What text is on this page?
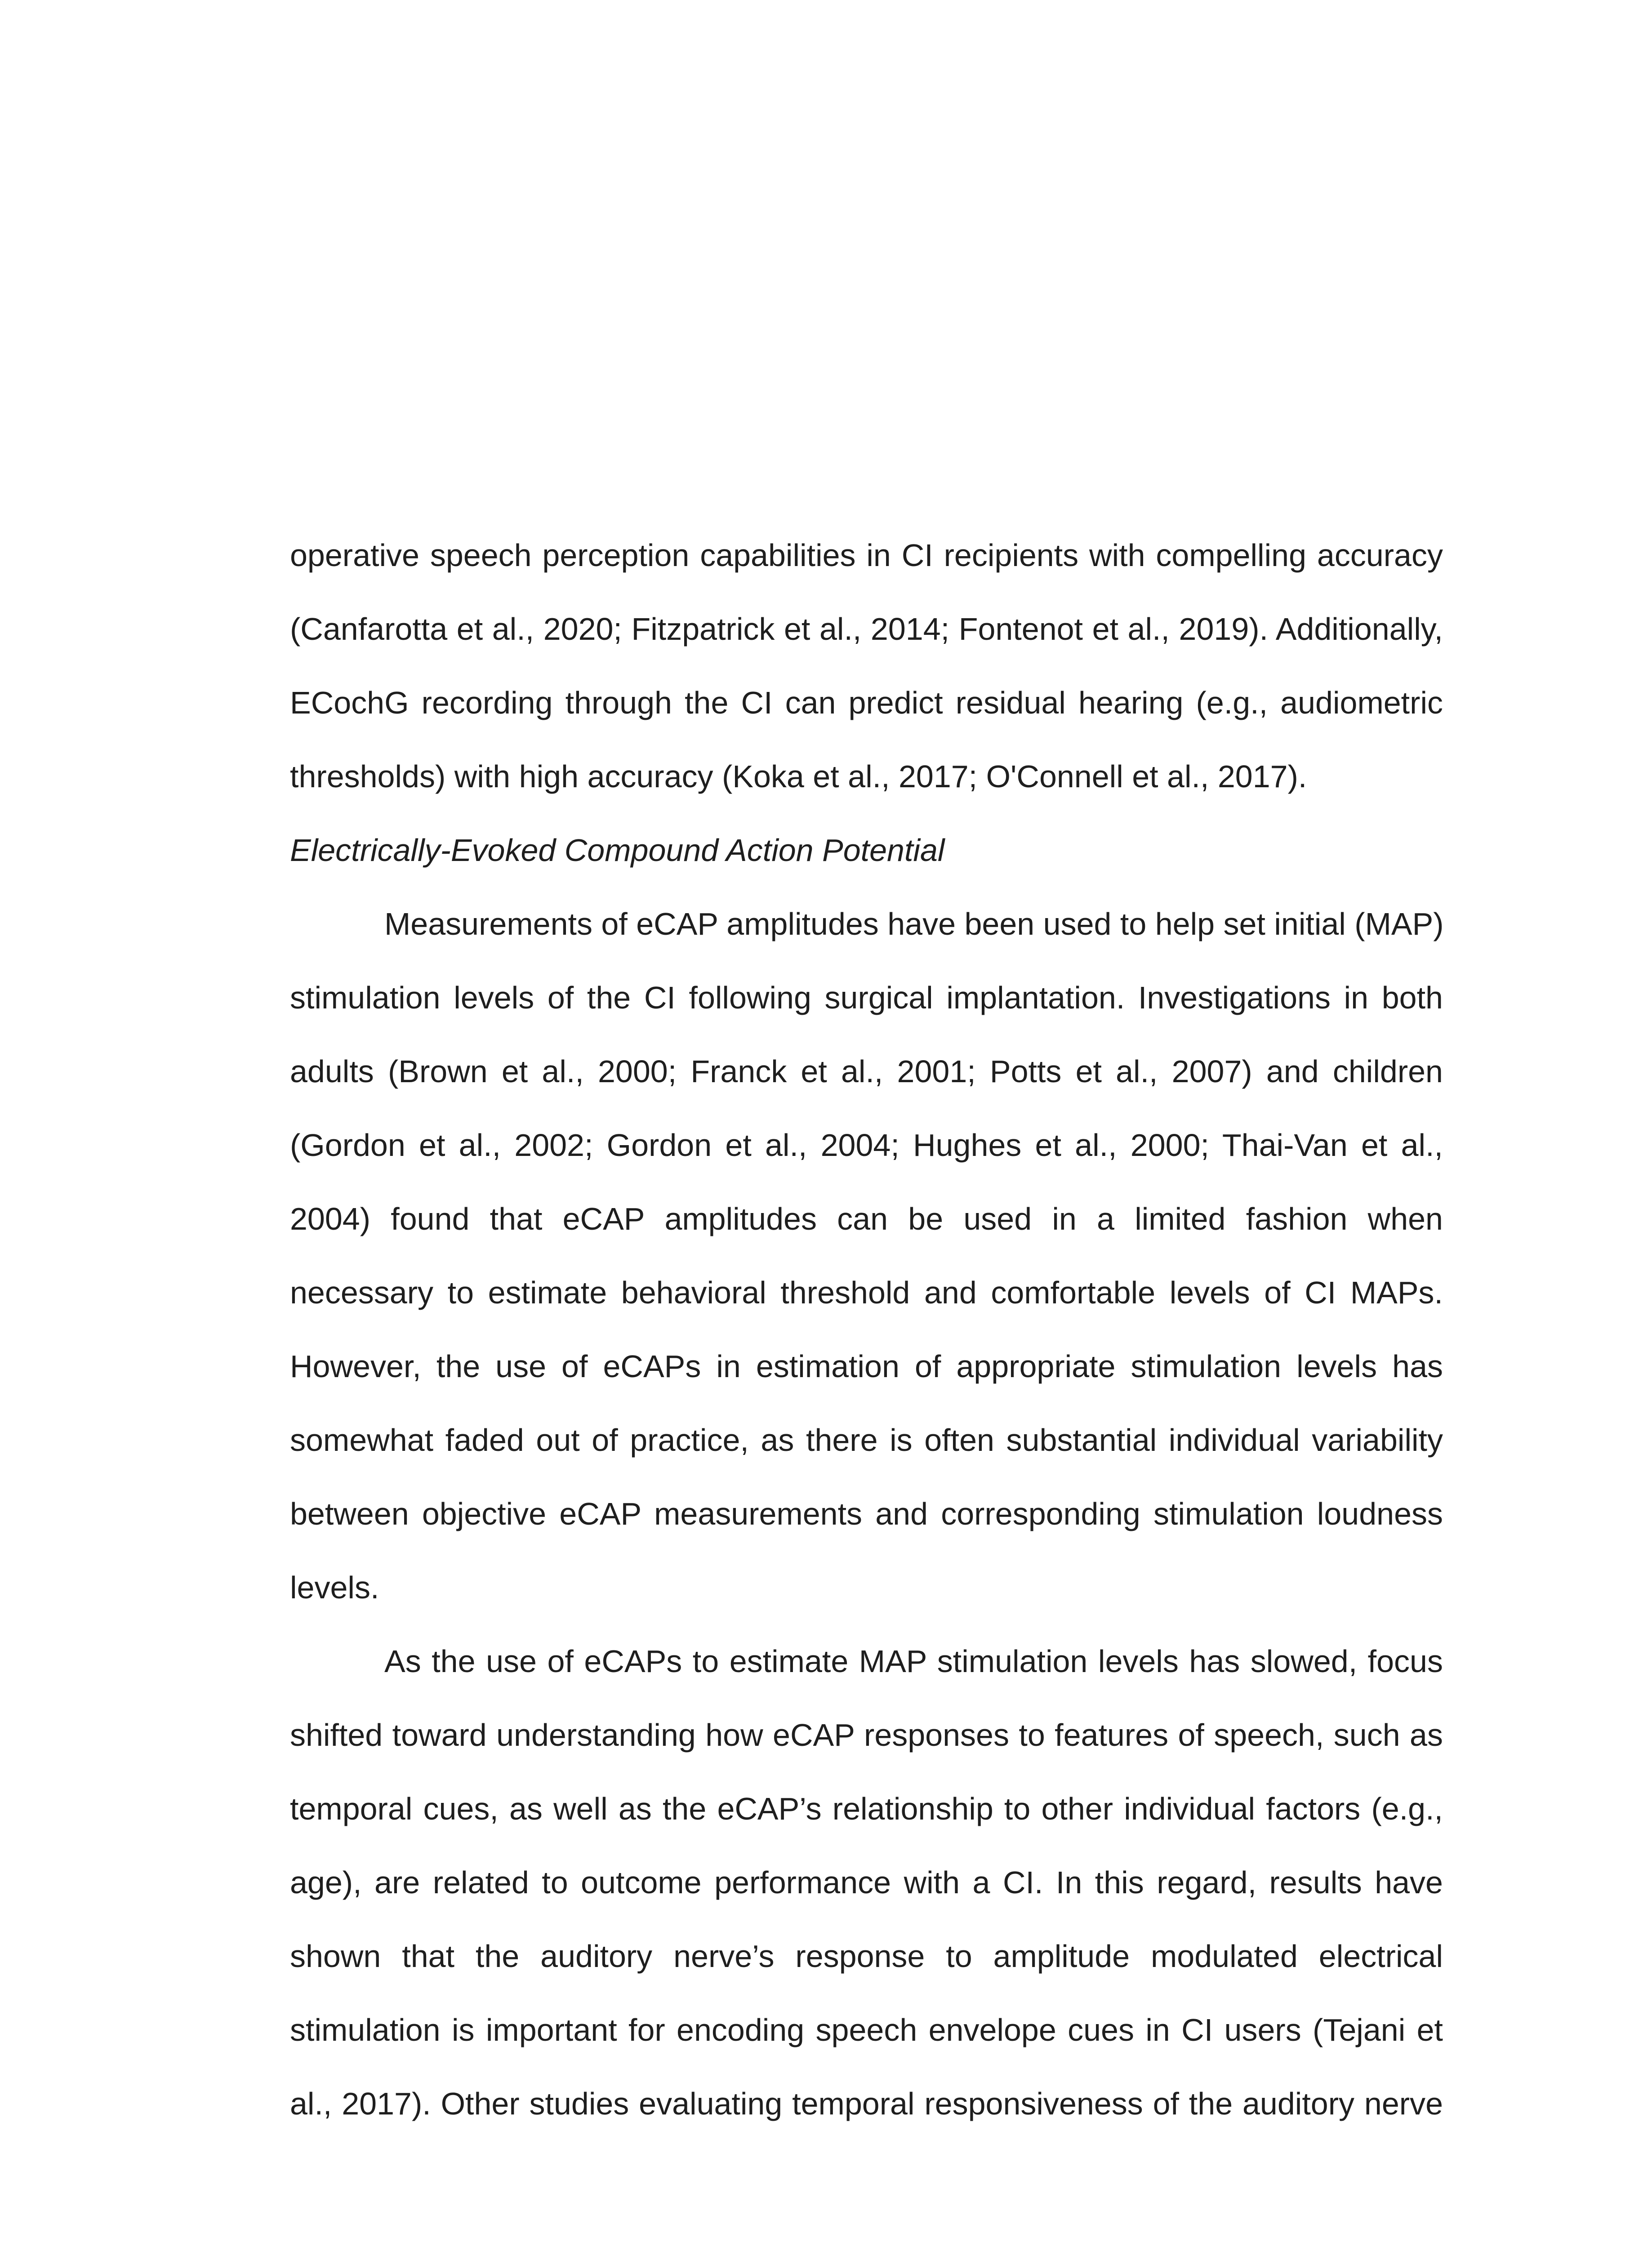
operative speech perception capabilities in CI recipients with compelling accuracy
(Canfarotta et al., 2020; Fitzpatrick et al., 2014; Fontenot et al., 2019). Additionally,
ECochG recording through the CI can predict residual hearing (e.g., audiometric
thresholds) with high accuracy (Koka et al., 2017; O'Connell et al., 2017).
Electrically-Evoked Compound Action Potential
Measurements of eCAP amplitudes have been used to help set initial (MAP)
stimulation levels of the CI following surgical implantation. Investigations in both
adults (Brown et al., 2000; Franck et al., 2001; Potts et al., 2007) and children
(Gordon et al., 2002; Gordon et al., 2004; Hughes et al., 2000; Thai-Van et al.,
2004) found that eCAP amplitudes can be used in a limited fashion when
necessary to estimate behavioral threshold and comfortable levels of CI MAPs.
However, the use of eCAPs in estimation of appropriate stimulation levels has
somewhat faded out of practice, as there is often substantial individual variability
between objective eCAP measurements and corresponding stimulation loudness
levels.
As the use of eCAPs to estimate MAP stimulation levels has slowed, focus
shifted toward understanding how eCAP responses to features of speech, such as
temporal cues, as well as the eCAP’s relationship to other individual factors (e.g.,
age), are related to outcome performance with a CI. In this regard, results have
shown that the auditory nerve’s response to amplitude modulated electrical
stimulation is important for encoding speech envelope cues in CI users (Tejani et
al., 2017). Other studies evaluating temporal responsiveness of the auditory nerve
